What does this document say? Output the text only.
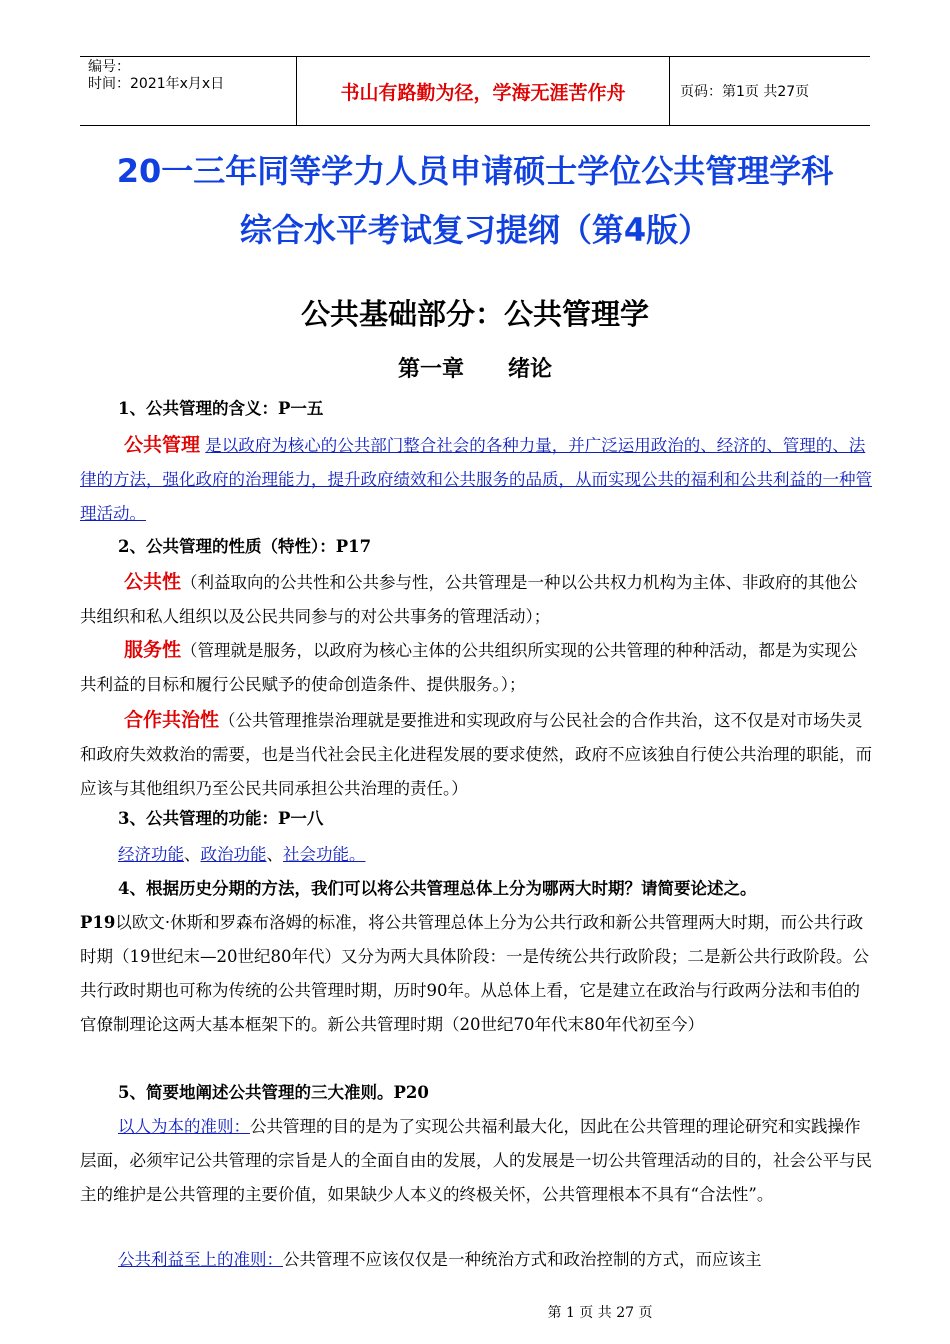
编号：
时间：2021年x月x日	书山有路勤为径，学海无涯苦作舟	页码：第1页 共27页
20一三年同等学力人员申请硕士学位公共管理学科
综合水平考试复习提纲（第4版）
公共基础部分：公共管理学
第一章　　绪论
1、公共管理的含义：P一五
公共管理 是以政府为核心的公共部门整合社会的各种力量，并广泛运用政治的、经济的、管理的、法律的方法，强化政府的治理能力，提升政府绩效和公共服务的品质，从而实现公共的福利和公共利益的一种管理活动。
2、公共管理的性质（特性）：P17
公共性（利益取向的公共性和公共参与性，公共管理是一种以公共权力机构为主体、非政府的其他公共组织和私人组织以及公民共同参与的对公共事务的管理活动）；
服务性（管理就是服务，以政府为核心主体的公共组织所实现的公共管理的种种活动，都是为实现公共利益的目标和履行公民赋予的使命创造条件、提供服务。）；
合作共治性（公共管理推崇治理就是要推进和实现政府与公民社会的合作共治，这不仅是对市场失灵和政府失效救治的需要，也是当代社会民主化进程发展的要求使然，政府不应该独自行使公共治理的职能，而应该与其他组织乃至公民共同承担公共治理的责任。）
3、公共管理的功能：P一八
经济功能、政治功能、社会功能。
4、根据历史分期的方法，我们可以将公共管理总体上分为哪两大时期？请简要论述之。
P19以欧文·休斯和罗森布洛姆的标准，将公共管理总体上分为公共行政和新公共管理两大时期，而公共行政时期（19世纪末—20世纪80年代）又分为两大具体阶段：一是传统公共行政阶段；二是新公共行政阶段。公共行政时期也可称为传统的公共管理时期，历时90年。从总体上看，它是建立在政治与行政两分法和韦伯的官僚制理论这两大基本框架下的。新公共管理时期（20世纪70年代末80年代初至今）
5、简要地阐述公共管理的三大准则。P20
以人为本的准则：公共管理的目的是为了实现公共福利最大化，因此在公共管理的理论研究和实践操作层面，必须牢记公共管理的宗旨是人的全面自由的发展，人的发展是一切公共管理活动的目的，社会公平与民主的维护是公共管理的主要价值，如果缺少人本义的终极关怀，公共管理根本不具有“合法性”。
公共利益至上的准则：公共管理不应该仅仅是一种统治方式和政治控制的方式，而应该主
第 1 页 共 27 页
